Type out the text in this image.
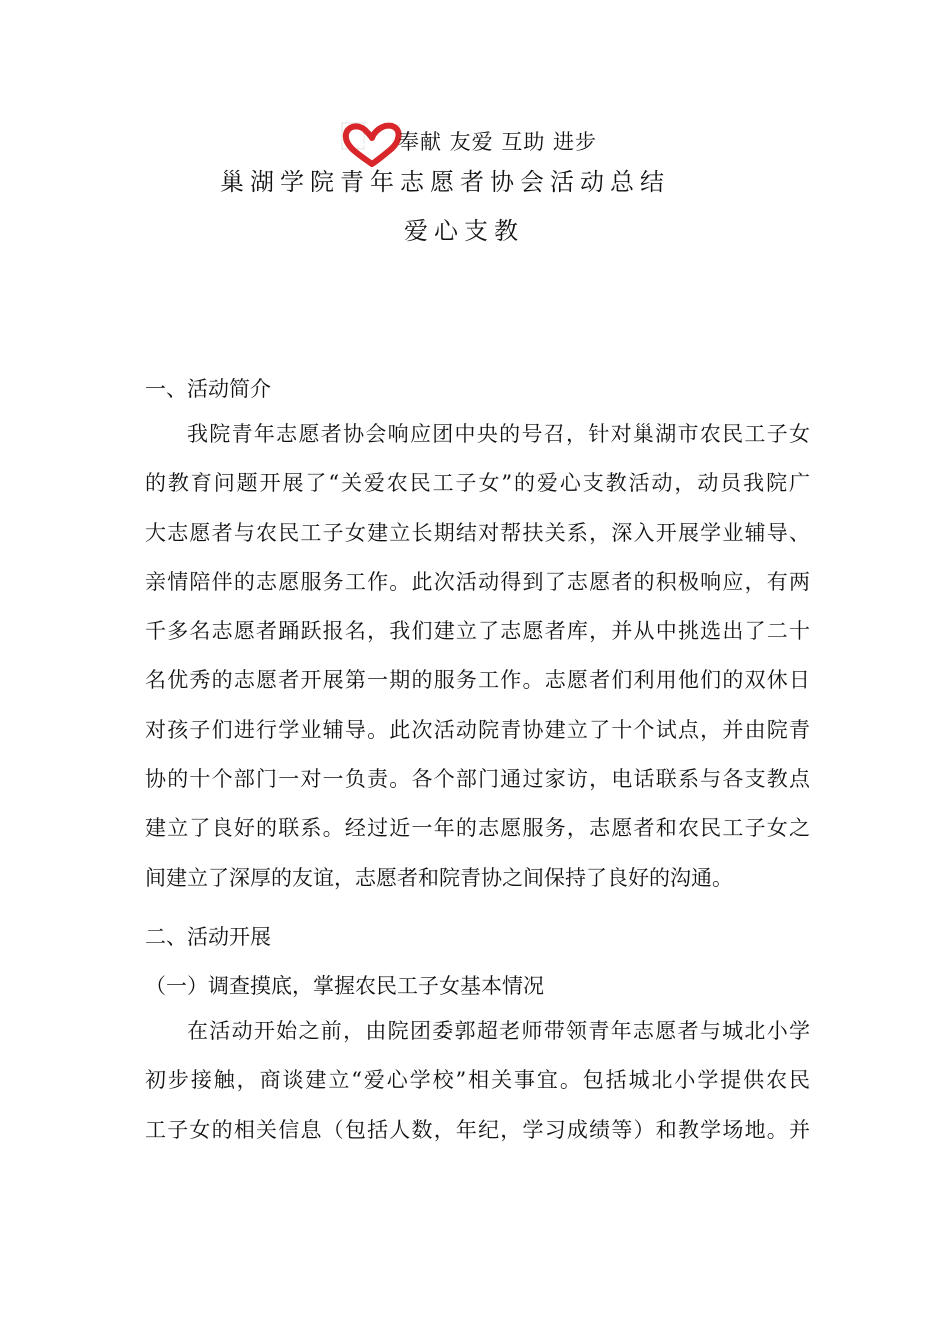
奉献 友爱 互助 进步
巢湖学院青年志愿者协会活动总结
爱心支教
一、活动简介
我院青年志愿者协会响应团中央的号召，针对巢湖市农民工子女
的教育问题开展了“关爱农民工子女”的爱心支教活动，动员我院广
大志愿者与农民工子女建立长期结对帮扶关系，深入开展学业辅导、
亲情陪伴的志愿服务工作。此次活动得到了志愿者的积极响应，有两
千多名志愿者踊跃报名，我们建立了志愿者库，并从中挑选出了二十
名优秀的志愿者开展第一期的服务工作。志愿者们利用他们的双休日
对孩子们进行学业辅导。此次活动院青协建立了十个试点，并由院青
协的十个部门一对一负责。各个部门通过家访，电话联系与各支教点
建立了良好的联系。经过近一年的志愿服务，志愿者和农民工子女之
间建立了深厚的友谊，志愿者和院青协之间保持了良好的沟通。
二、活动开展
（一）调查摸底，掌握农民工子女基本情况
在活动开始之前，由院团委郭超老师带领青年志愿者与城北小学
初步接触，商谈建立“爱心学校”相关事宜。包括城北小学提供农民
工子女的相关信息（包括人数，年纪，学习成绩等）和教学场地。并
